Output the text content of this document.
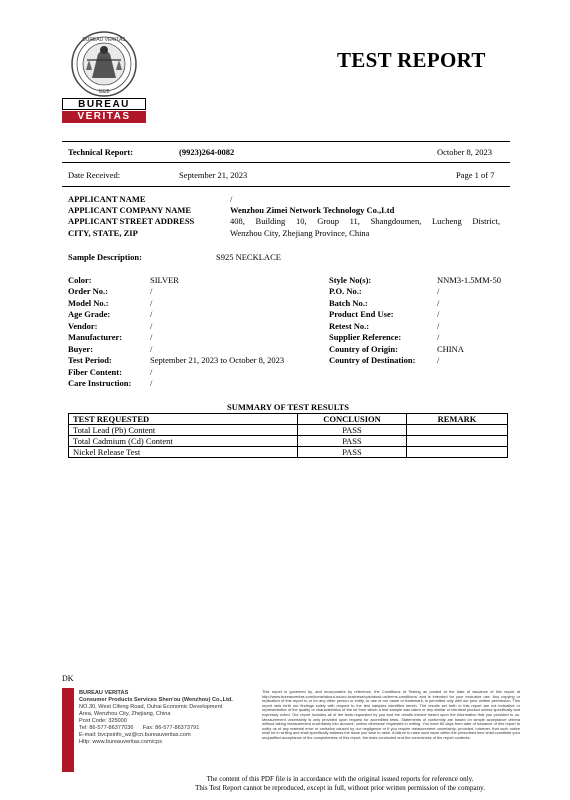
BUREAU VERITAS
1828
BUREAU
VERITAS
TEST REPORT
Technical Report:	(9923)264-0082	October 8, 2023
Date Received:	September 21, 2023	Page 1 of 7
APPLICANT NAME	/
APPLICANT COMPANY NAME	Wenzhou Zimei Network Technology Co.,Ltd
APPLICANT STREET ADDRESS	408, Building 10, Group 11, Shangdoumen, Lucheng District,
CITY, STATE, ZIP	Wenzhou City, Zhejiang Province, China
Sample Description:	S925 NECKLACE
Color:	SILVER
Order No.:	/
Model No.:	/
Age Grade:	/
Vendor:	/
Manufacturer:	/
Buyer:	/
Test Period:	September 21, 2023 to October 8, 2023
Fiber Content:	/
Care Instruction: /
Style No(s):	NNM3-1.5MM-50
P.O. No.:	/
Batch No.:	/
Product End Use:	/
Retest No.:	/
Supplier Reference:	/
Country of Origin:	CHINA
Country of Destination:	/
SUMMARY OF TEST RESULTS
TEST REQUESTED	CONCLUSION	REMARK
Total Lead (Pb) Content	PASS	
Total Cadmium (Cd) Content	PASS	
Nickel Release Test	PASS	
DK
BUREAU VERITAS
Consumer Products Services Shen'ou (Wenzhou) Co.,Ltd.
NO.30, West Cifeng Road, Ouhai Economic Development
Area, Wenzhou City, Zhejiang, China
Post Code: 325000
Tel: 86-577-86377036      Fax: 86-577-86373791
E-mail: bvcpsinfo_wz@cn.bureauveritas.com
Http: www.bureauveritas.com/cps
This report is governed by, and incorporates by reference, the Conditions of Testing as posted at the date of issuance of this report at http://www.bureauveritas.com/home/about-us/our-business/cps/about-us/terms-conditions/ and is intended for your exclusive use. Any copying or replication of this report to or for any other person or entity, or use of our name or trademark, is permitted only with our prior written permission. This report sets forth our findings solely with respect to the test samples identified herein. The results set forth in this report are not indicative or representative of the quality or characteristics of the lot from which a test sample was taken or any similar or identical product unless specifically and expressly noted. Our report includes all of the tests requested by you and the results thereof based upon the information that you provided to us. Measurement uncertainty is only provided upon request for accredited tests. Statements of conformity are based on simple acceptance criteria without taking measurement uncertainty into account, unless otherwise requested in writing. You have 60 days from date of issuance of this report to notify us of any material error or omission caused by our negligence or if you require measurement uncertainty; provided, however, that such notice shall be in writing and shall specifically address the issue you wish to raise. A failure to raise such issue within the prescribed time shall constitute your unqualified acceptance of the completeness of this report, the tests conducted and the correctness of the report contents.
The content of this PDF file is in accordance with the original issued reports for reference only.
This Test Report cannot be reproduced, except in full, without prior written permission of the company.
